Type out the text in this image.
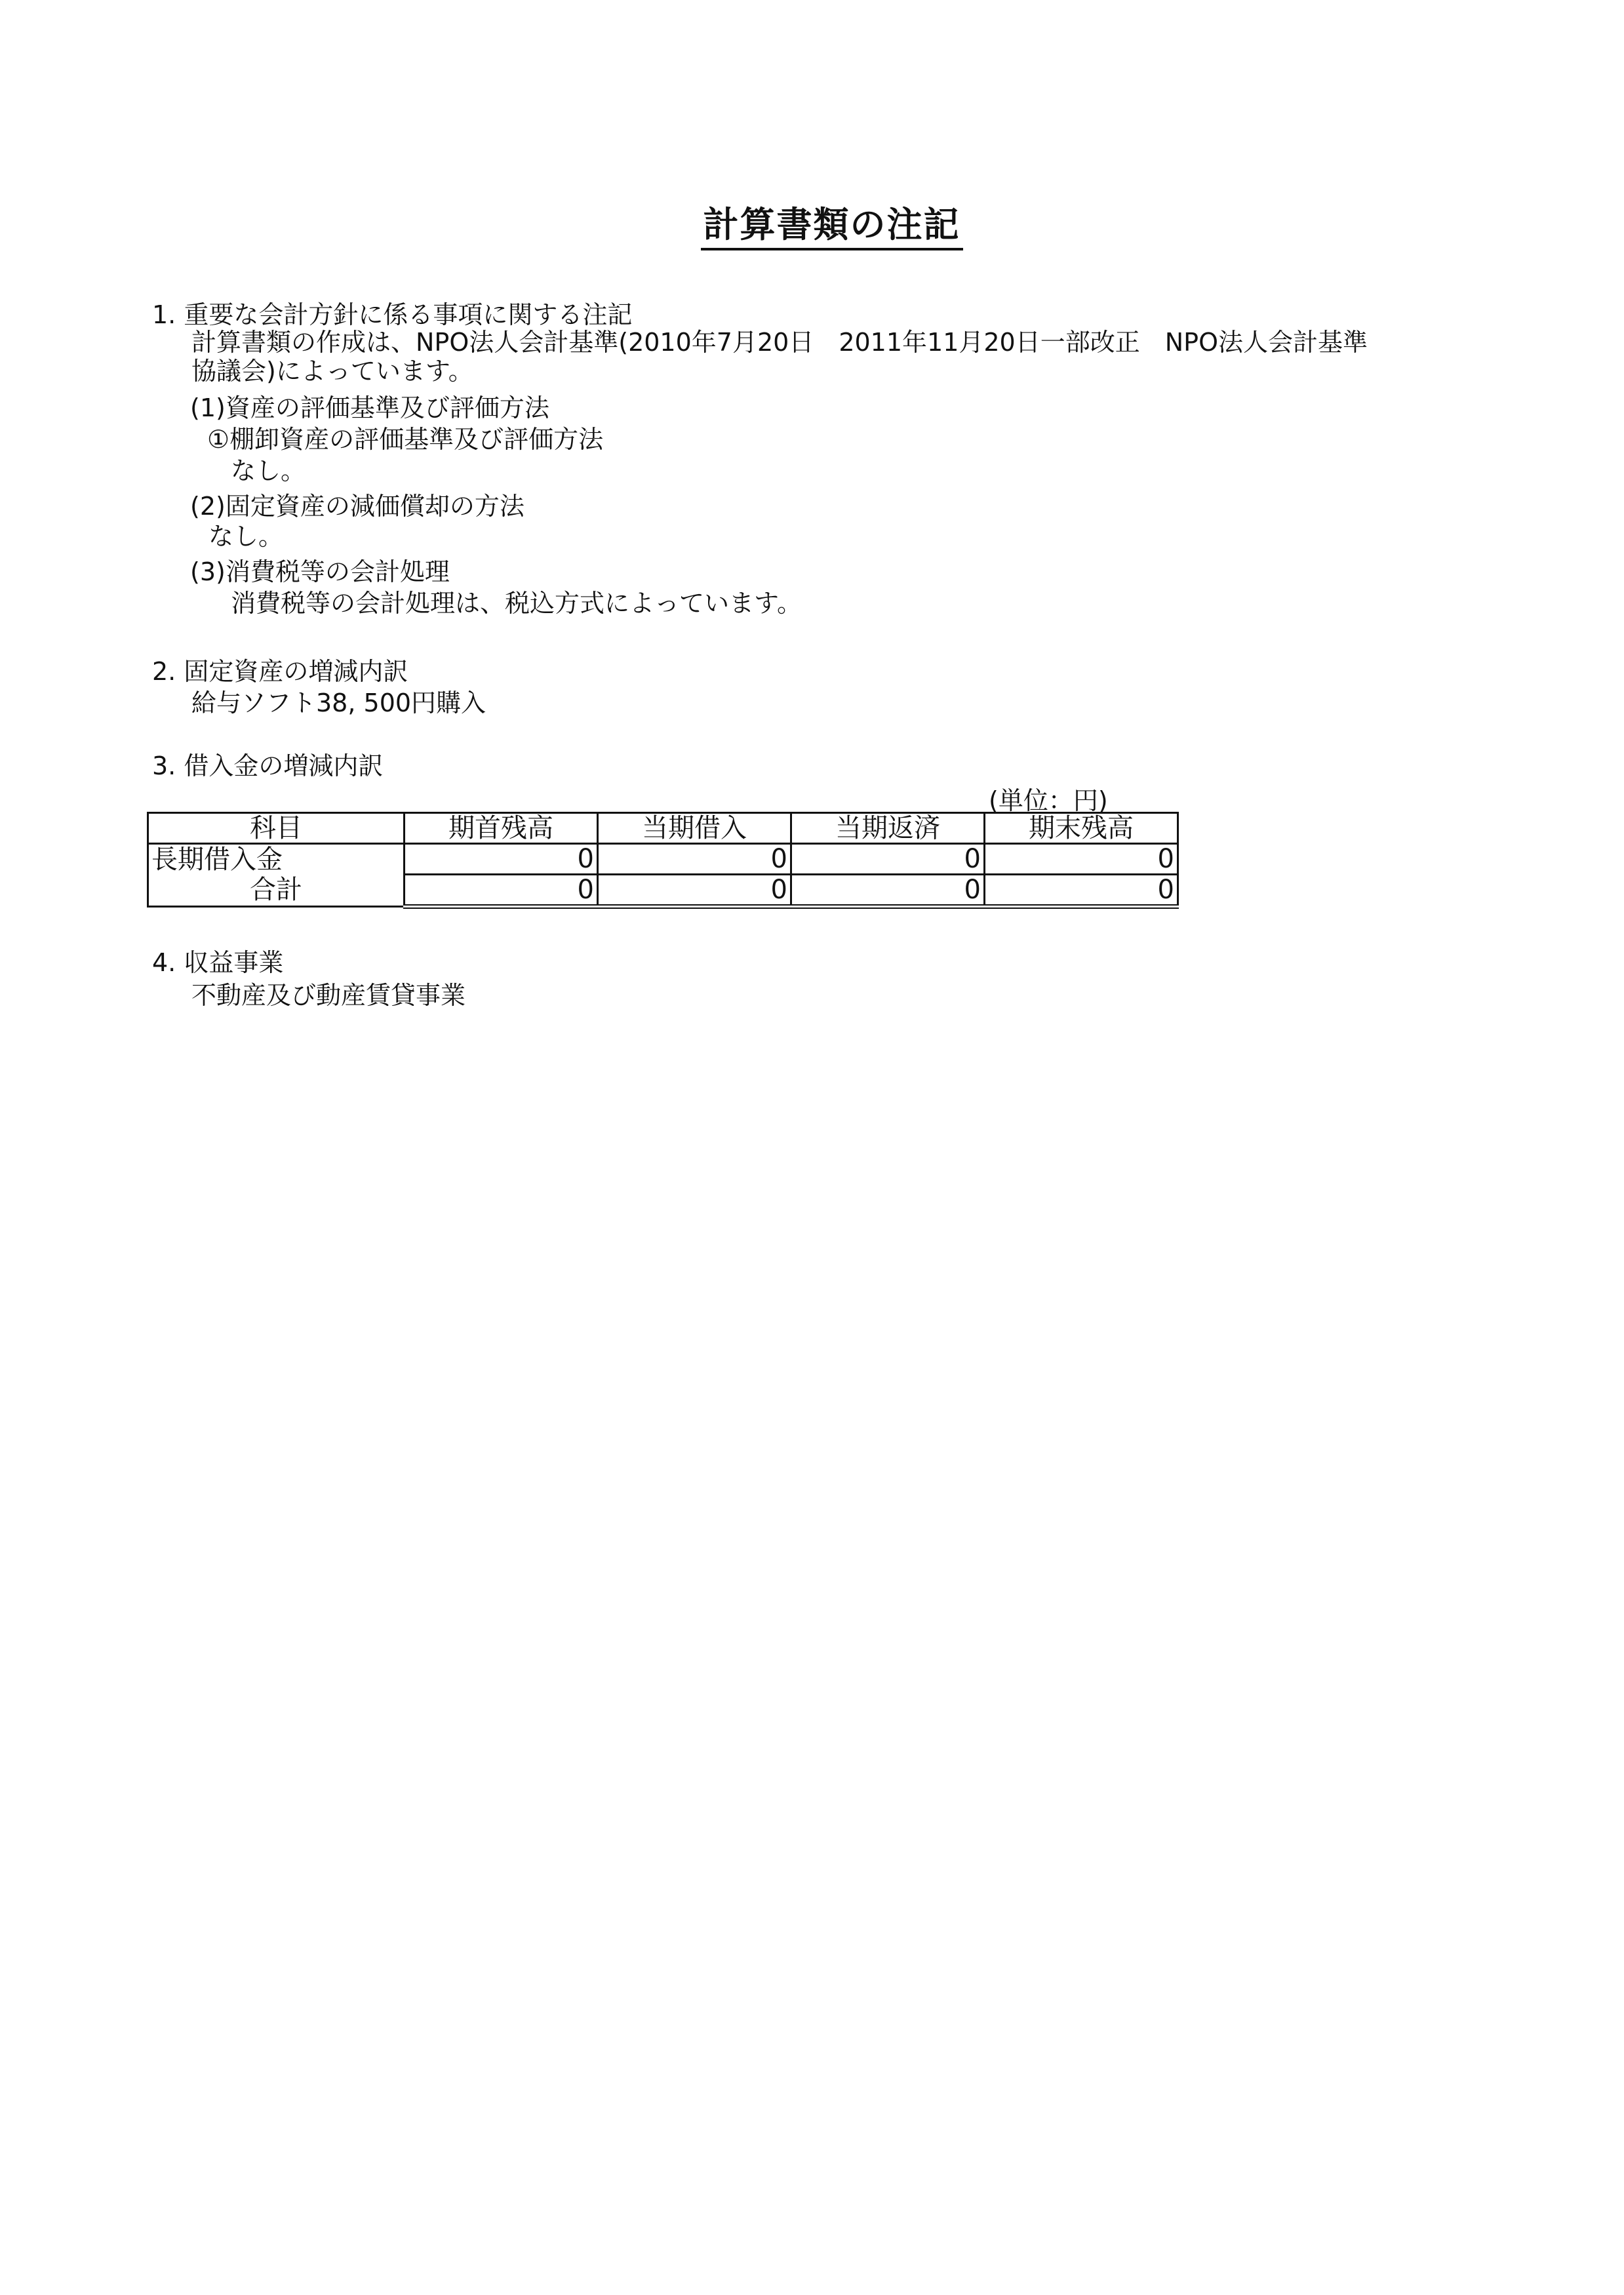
計算書類の注記
1. 重要な会計方針に係る事項に関する注記
計算書類の作成は、NPO法人会計基準(2010年7月20日　2011年11月20日一部改正　NPO法人会計基準
協議会)によっています。
(1)資産の評価基準及び評価方法
①棚卸資産の評価基準及び評価方法
なし。
(2)固定資産の減価償却の方法
なし。
(3)消費税等の会計処理
消費税等の会計処理は、税込方式によっています。
2. 固定資産の増減内訳
給与ソフト38, 500円購入
3. 借入金の増減内訳
(単位：円)
科目	期首残高	当期借入	当期返済	期末残高
長期借入金	0	0	0	0
合計	0	0	0	0
4. 収益事業
不動産及び動産賃貸事業
